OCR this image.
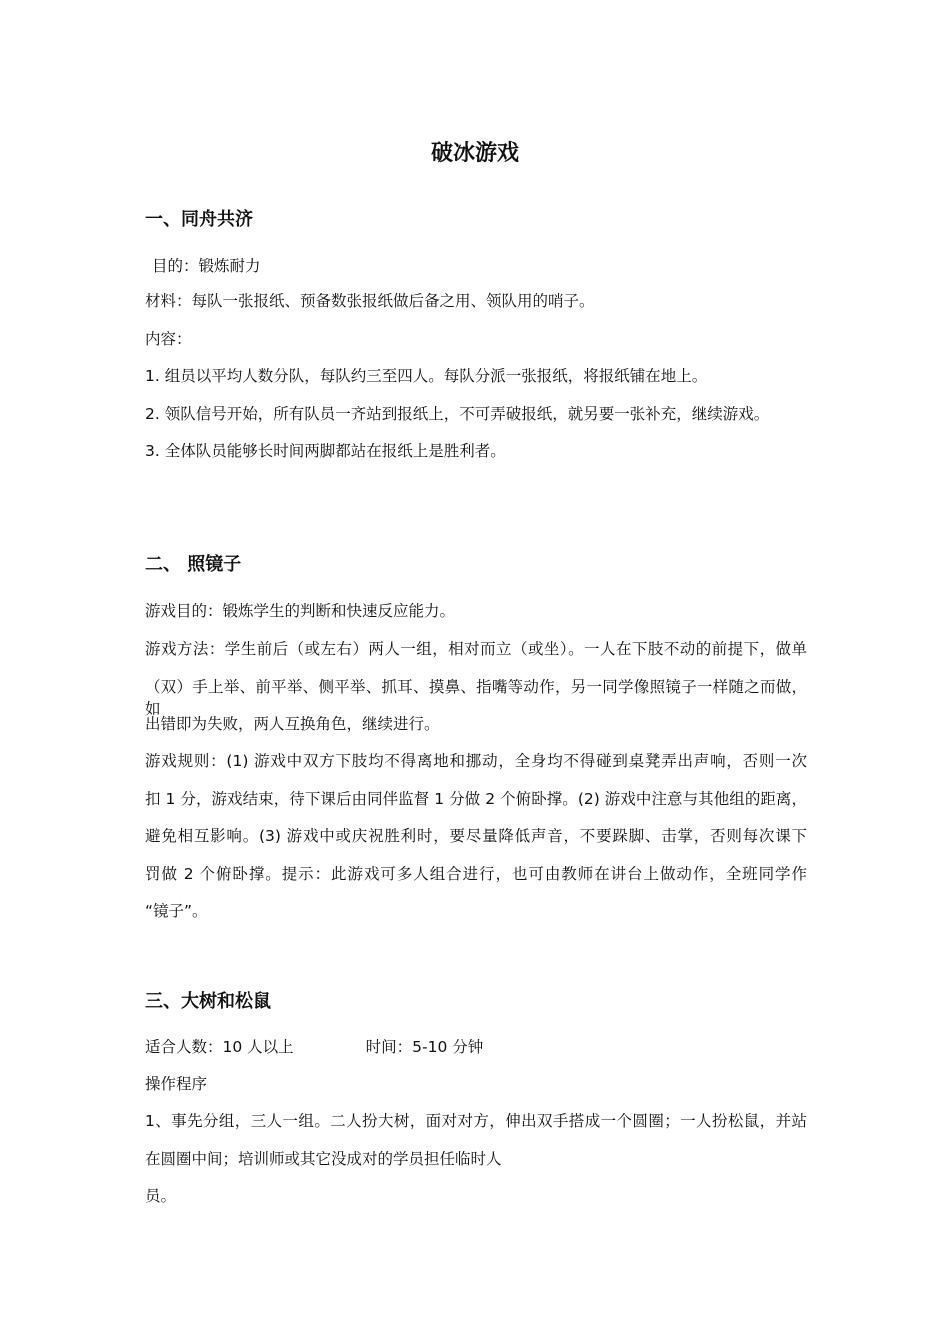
破冰游戏
一、同舟共济

目的：锻炼耐力

材料：每队一张报纸、预备数张报纸做后备之用、领队用的哨子。

内容：

1. 组员以平均人数分队，每队约三至四人。每队分派一张报纸，将报纸铺在地上。

2. 领队信号开始，所有队员一齐站到报纸上，不可弄破报纸，就另要一张补充，继续游戏。

3. 全体队员能够长时间两脚都站在报纸上是胜利者。

二、 照镜子

游戏目的：锻炼学生的判断和快速反应能力。

游戏方法：学生前后（或左右）两人一组，相对而立（或坐）。一人在下肢不动的前提下，做单

（双）手上举、前平举、侧平举、抓耳、摸鼻、指嘴等动作，另一同学像照镜子一样随之而做，如

出错即为失败，两人互换角色，继续进行。

游戏规则：(1) 游戏中双方下肢均不得离地和挪动，全身均不得碰到桌凳弄出声响，否则一次

扣 1 分，游戏结束，待下课后由同伴监督 1 分做 2 个俯卧撑。(2) 游戏中注意与其他组的距离，

避免相互影响。(3) 游戏中或庆祝胜利时，要尽量降低声音，不要跺脚、击掌，否则每次课下

罚做 2 个俯卧撑。提示：此游戏可多人组合进行，也可由教师在讲台上做动作，全班同学作

“镜子”。

三、大树和松鼠

适合人数：10 人以上	时间：5-10 分钟

操作程序

1、事先分组，三人一组。二人扮大树，面对对方，伸出双手搭成一个圆圈；一人扮松鼠，并站

在圆圈中间；培训师或其它没成对的学员担任临时人

员。
